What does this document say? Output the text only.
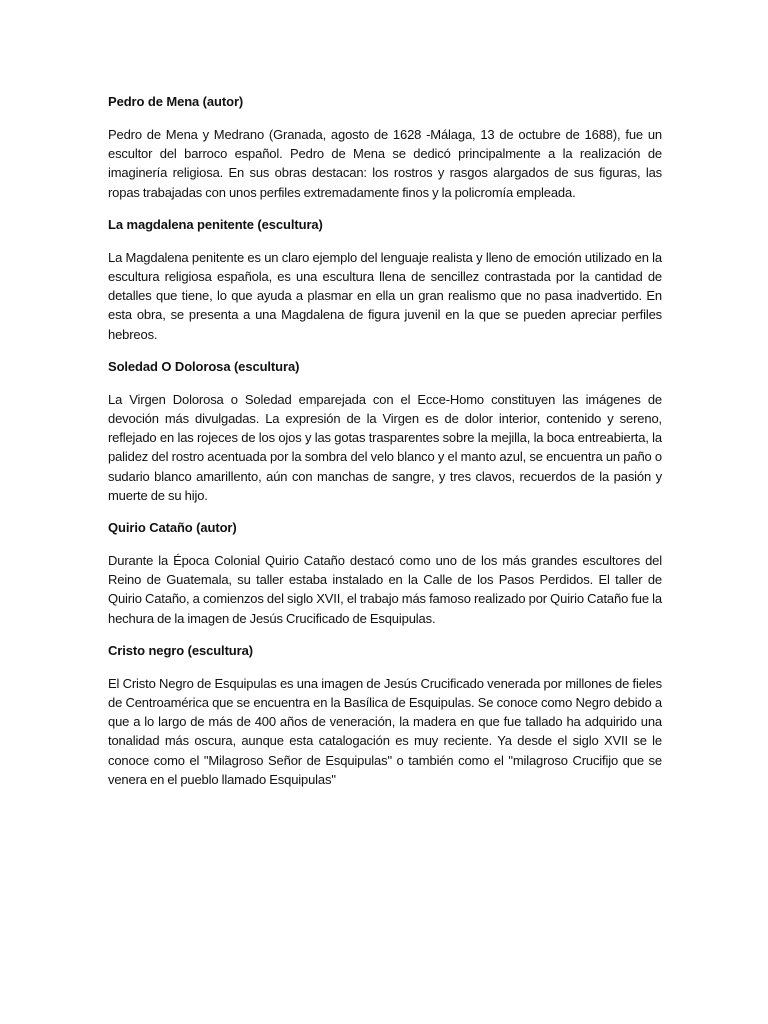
Pedro de Mena (autor)

Pedro de Mena y Medrano (Granada, agosto de 1628 -Málaga, 13 de octubre de 1688), fue un escultor del barroco español. Pedro de Mena se dedicó principalmente a la realización de imaginería religiosa. En sus obras destacan: los rostros y rasgos alargados de sus figuras, las ropas trabajadas con unos perfiles extremadamente finos y la policromía empleada.

La magdalena penitente (escultura)

La Magdalena penitente es un claro ejemplo del lenguaje realista y lleno de emoción utilizado en la escultura religiosa española, es una escultura llena de sencillez contrastada por la cantidad de detalles que tiene, lo que ayuda a plasmar en ella un gran realismo que no pasa inadvertido. En esta obra, se presenta a una Magdalena de figura juvenil en la que se pueden apreciar perfiles hebreos.

Soledad O Dolorosa (escultura)

La Virgen Dolorosa o Soledad emparejada con el Ecce-Homo constituyen las imágenes de devoción más divulgadas. La expresión de la Virgen es de dolor interior, contenido y sereno, reflejado en las rojeces de los ojos y las gotas trasparentes sobre la mejilla, la boca entreabierta, la palidez del rostro acentuada por la sombra del velo blanco y el manto azul, se encuentra un paño o sudario blanco amarillento, aún con manchas de sangre, y tres clavos, recuerdos de la pasión y muerte de su hijo.

Quirio Cataño (autor)

Durante la Época Colonial Quirio Cataño destacó como uno de los más grandes escultores del Reino de Guatemala, su taller estaba instalado en la Calle de los Pasos Perdidos. El taller de Quirio Cataño, a comienzos del siglo XVII, el trabajo más famoso realizado por Quirio Cataño fue la hechura de la imagen de Jesús Crucificado de Esquipulas.

Cristo negro (escultura)

El Cristo Negro de Esquipulas es una imagen de Jesús Crucificado venerada por millones de fieles de Centroamérica que se encuentra en la Basílica de Esquipulas. Se conoce como Negro debido a que a lo largo de más de 400 años de veneración, la madera en que fue tallado ha adquirido una tonalidad más oscura, aunque esta catalogación es muy reciente. Ya desde el siglo XVII se le conoce como el "Milagroso Señor de Esquipulas" o también como el "milagroso Crucifijo que se venera en el pueblo llamado Esquipulas"
